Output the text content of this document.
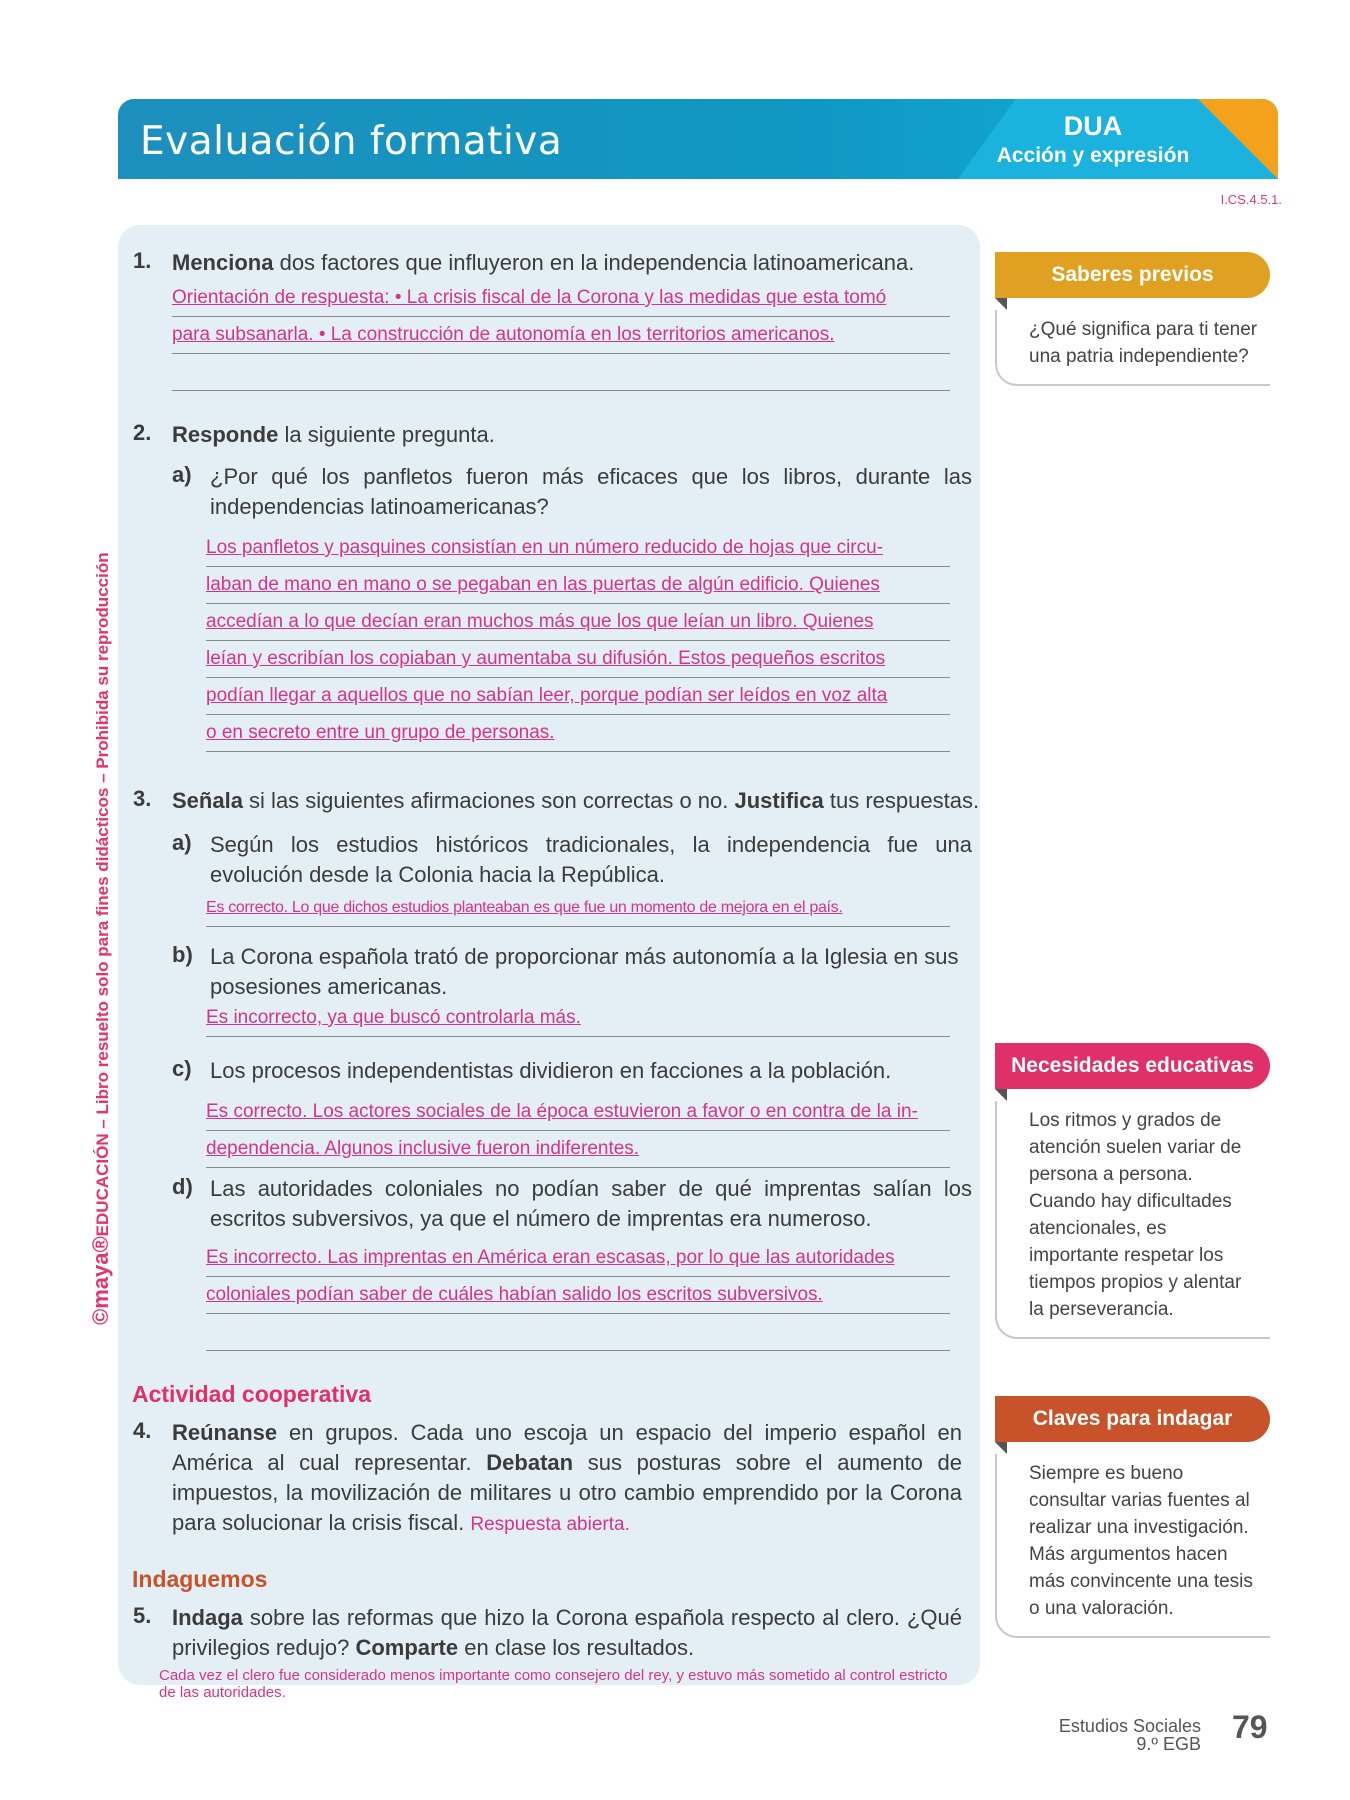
Evaluación formativa	DUA
Acción y expresión
I.CS.4.5.1.
©maya®EDUCACIÓN – Libro resuelto solo para fines didácticos – Prohibida su reproducción
1. Menciona dos factores que influyeron en la independencia latinoamericana.
Orientación de respuesta: • La crisis fiscal de la Corona y las medidas que esta tomó
para subsanarla. • La construcción de autonomía en los territorios americanos.
2. Responde la siguiente pregunta.
a) ¿Por qué los panfletos fueron más eficaces que los libros, durante las independencias latinoamericanas?
Los panfletos y pasquines consistían en un número reducido de hojas que circu-
laban de mano en mano o se pegaban en las puertas de algún edificio. Quienes
accedían a lo que decían eran muchos más que los que leían un libro. Quienes
leían y escribían los copiaban y aumentaba su difusión. Estos pequeños escritos
podían llegar a aquellos que no sabían leer, porque podían ser leídos en voz alta
o en secreto entre un grupo de personas.
3. Señala si las siguientes afirmaciones son correctas o no. Justifica tus respuestas.
a) Según los estudios históricos tradicionales, la independencia fue una evolución desde la Colonia hacia la República.
Es correcto. Lo que dichos estudios planteaban es que fue un momento de mejora en el país.
b) La Corona española trató de proporcionar más autonomía a la Iglesia en sus posesiones americanas.
Es incorrecto, ya que buscó controlarla más.
c) Los procesos independentistas dividieron en facciones a la población.
Es correcto. Los actores sociales de la época estuvieron a favor o en contra de la in-
dependencia. Algunos inclusive fueron indiferentes.
d) Las autoridades coloniales no podían saber de qué imprentas salían los escritos subversivos, ya que el número de imprentas era numeroso.
Es incorrecto. Las imprentas en América eran escasas, por lo que las autoridades
coloniales podían saber de cuáles habían salido los escritos subversivos.
Actividad cooperativa
4. Reúnanse en grupos. Cada uno escoja un espacio del imperio español en América al cual representar. Debatan sus posturas sobre el aumento de impuestos, la movilización de militares u otro cambio emprendido por la Corona para solucionar la crisis fiscal. Respuesta abierta.
Indaguemos
5. Indaga sobre las reformas que hizo la Corona española respecto al clero. ¿Qué privilegios redujo? Comparte en clase los resultados.
Cada vez el clero fue considerado menos importante como consejero del rey, y estuvo más sometido al control estricto de las autoridades.
Saberes previos
¿Qué significa para ti tener una patria independiente?
Necesidades educativas
Los ritmos y grados de atención suelen variar de persona a persona. Cuando hay dificultades atencionales, es importante respetar los tiempos propios y alentar la perseverancia.
Claves para indagar
Siempre es bueno consultar varias fuentes al realizar una investigación. Más argumentos hacen más convincente una tesis o una valoración.
Estudios Sociales
9.º EGB 79
